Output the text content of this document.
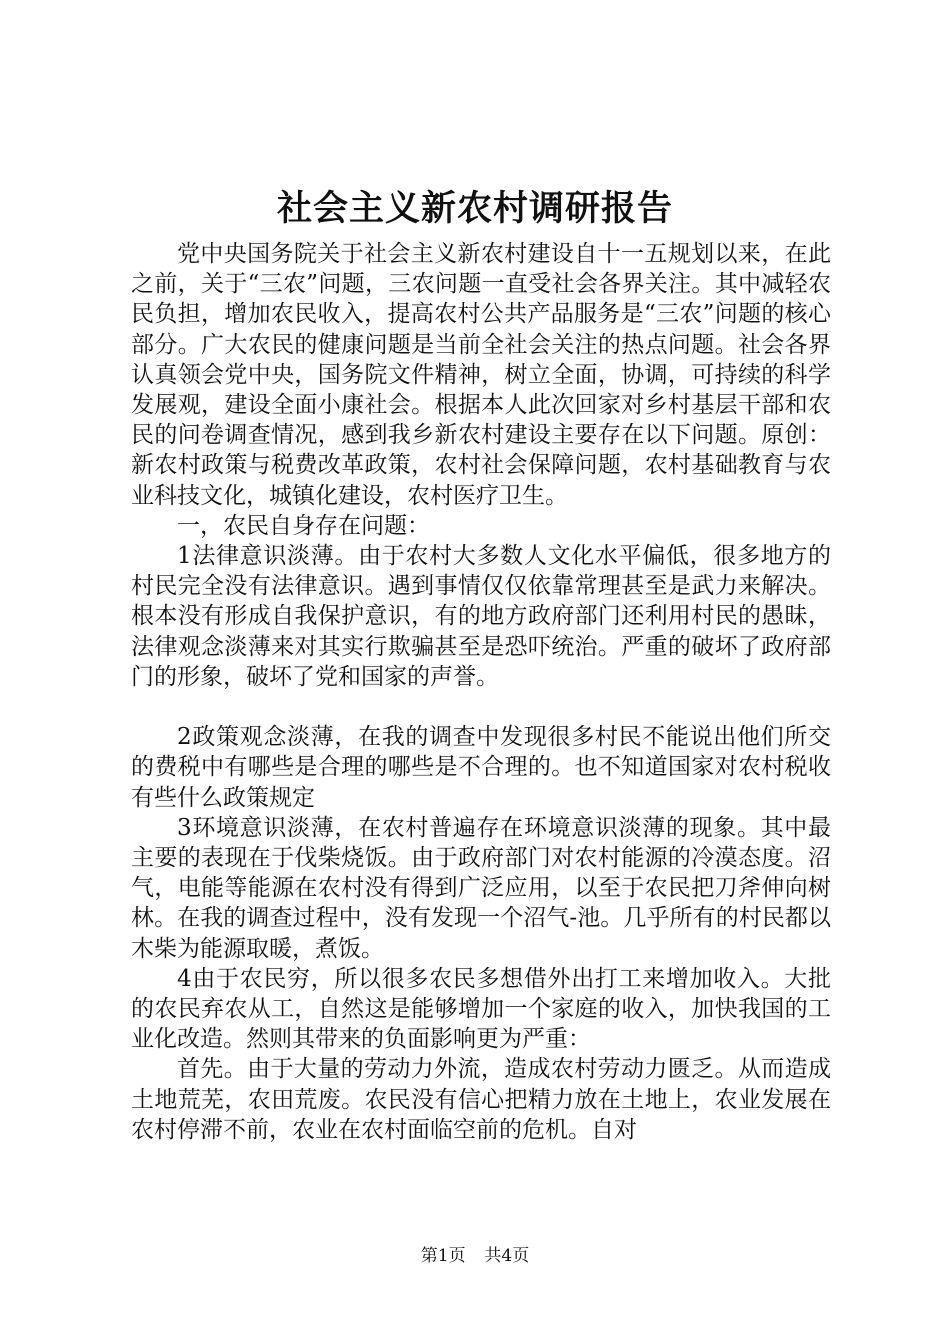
社会主义新农村调研报告

党中央国务院关于社会主义新农村建设自十一五规划以来，在此之前，关于“三农”问题，三农问题一直受社会各界关注。其中减轻农民负担，增加农民收入，提高农村公共产品服务是“三农”问题的核心部分。广大农民的健康问题是当前全社会关注的热点问题。社会各界认真领会党中央，国务院文件精神，树立全面，协调，可持续的科学发展观，建设全面小康社会。根据本人此次回家对乡村基层干部和农民的问卷调查情况，感到我乡新农村建设主要存在以下问题。原创：新农村政策与税费改革政策，农村社会保障问题，农村基础教育与农业科技文化，城镇化建设，农村医疗卫生。

一，农民自身存在问题：

1法律意识淡薄。由于农村大多数人文化水平偏低，很多地方的村民完全没有法律意识。遇到事情仅仅依靠常理甚至是武力来解决。根本没有形成自我保护意识，有的地方政府部门还利用村民的愚昧，法律观念淡薄来对其实行欺骗甚至是恐吓统治。严重的破坏了政府部门的形象，破坏了党和国家的声誉。

2政策观念淡薄，在我的调查中发现很多村民不能说出他们所交的费税中有哪些是合理的哪些是不合理的。也不知道国家对农村税收有些什么政策规定

3环境意识淡薄，在农村普遍存在环境意识淡薄的现象。其中最主要的表现在于伐柴烧饭。由于政府部门对农村能源的冷漠态度。沼气，电能等能源在农村没有得到广泛应用，以至于农民把刀斧伸向树林。在我的调查过程中，没有发现一个沼气-池。几乎所有的村民都以木柴为能源取暖，煮饭。

4由于农民穷，所以很多农民多想借外出打工来增加收入。大批的农民弃农从工，自然这是能够增加一个家庭的收入，加快我国的工业化改造。然则其带来的负面影响更为严重：

首先。由于大量的劳动力外流，造成农村劳动力匮乏。从而造成土地荒芜，农田荒废。农民没有信心把精力放在土地上，农业发展在农村停滞不前，农业在农村面临空前的危机。自对

第1页 共4页
